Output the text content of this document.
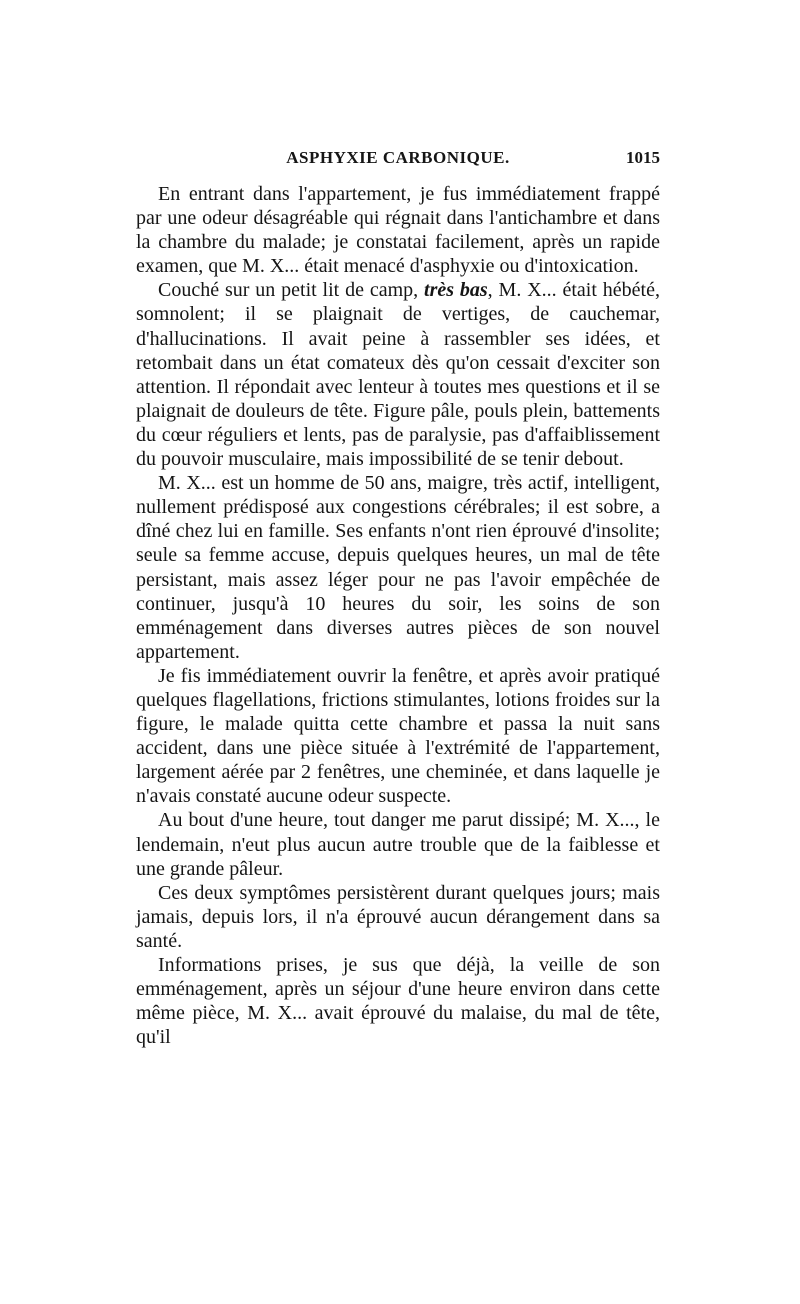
ASPHYXIE CARBONIQUE.	1015

En entrant dans l'appartement, je fus immédiatement frappé par une odeur désagréable qui régnait dans l'antichambre et dans la chambre du malade; je constatai facilement, après un rapide examen, que M. X... était menacé d'asphyxie ou d'intoxication.

Couché sur un petit lit de camp, très bas, M. X... était hébété, somnolent; il se plaignait de vertiges, de cauchemar, d'hallucinations. Il avait peine à rassembler ses idées, et retombait dans un état comateux dès qu'on cessait d'exciter son attention. Il répondait avec lenteur à toutes mes questions et il se plaignait de douleurs de tête. Figure pâle, pouls plein, battements du cœur réguliers et lents, pas de paralysie, pas d'affaiblissement du pouvoir musculaire, mais impossibilité de se tenir debout.

M. X... est un homme de 50 ans, maigre, très actif, intelligent, nullement prédisposé aux congestions cérébrales; il est sobre, a dîné chez lui en famille. Ses enfants n'ont rien éprouvé d'insolite; seule sa femme accuse, depuis quelques heures, un mal de tête persistant, mais assez léger pour ne pas l'avoir empêchée de continuer, jusqu'à 10 heures du soir, les soins de son emménagement dans diverses autres pièces de son nouvel appartement.

Je fis immédiatement ouvrir la fenêtre, et après avoir pratiqué quelques flagellations, frictions stimulantes, lotions froides sur la figure, le malade quitta cette chambre et passa la nuit sans accident, dans une pièce située à l'extrémité de l'appartement, largement aérée par 2 fenêtres, une cheminée, et dans laquelle je n'avais constaté aucune odeur suspecte.

Au bout d'une heure, tout danger me parut dissipé; M. X..., le lendemain, n'eut plus aucun autre trouble que de la faiblesse et une grande pâleur.

Ces deux symptômes persistèrent durant quelques jours; mais jamais, depuis lors, il n'a éprouvé aucun dérangement dans sa santé.

Informations prises, je sus que déjà, la veille de son emménagement, après un séjour d'une heure environ dans cette même pièce, M. X... avait éprouvé du malaise, du mal de tête, qu'il
